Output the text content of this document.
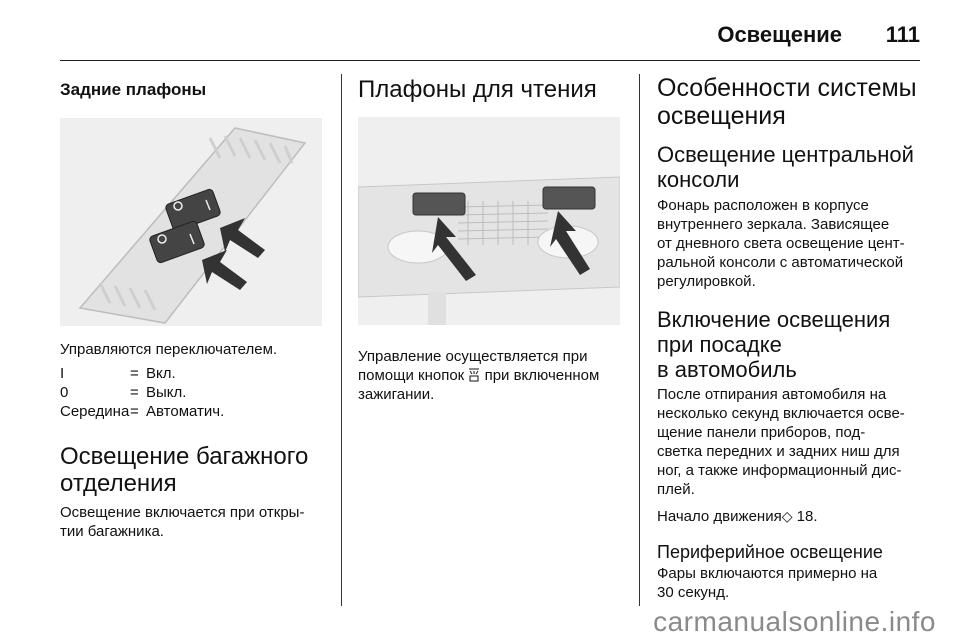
Освещение 111
Задние плафоны

Управляются переключателем.

I	= Вкл.
0	= Выкл.
Середина = Автоматич.
Освещение багажного
отделения

Освещение включается при откры-
тии багажника.

Плафоны для чтения

Управление осуществляется при
помощи кнопок при включенном
зажигании.

Особенности системы
освещения
Освещение центральной
консоли

Фонарь расположен в корпусе
внутреннего зеркала. Зависящее
от дневного света освещение цент-
ральной консоли с автоматической
регулировкой.

Включение освещения
при посадке
в автомобиль

После отпирания автомобиля на
несколько секунд включается осве-
щение панели приборов, под-
светка передних и задних ниш для
ног, а также информационный дис-
плей.

Начало движения◇ 18.

Периферийное освещение

Фары включаются примерно на
30 секунд.

carmanualsonline.info
